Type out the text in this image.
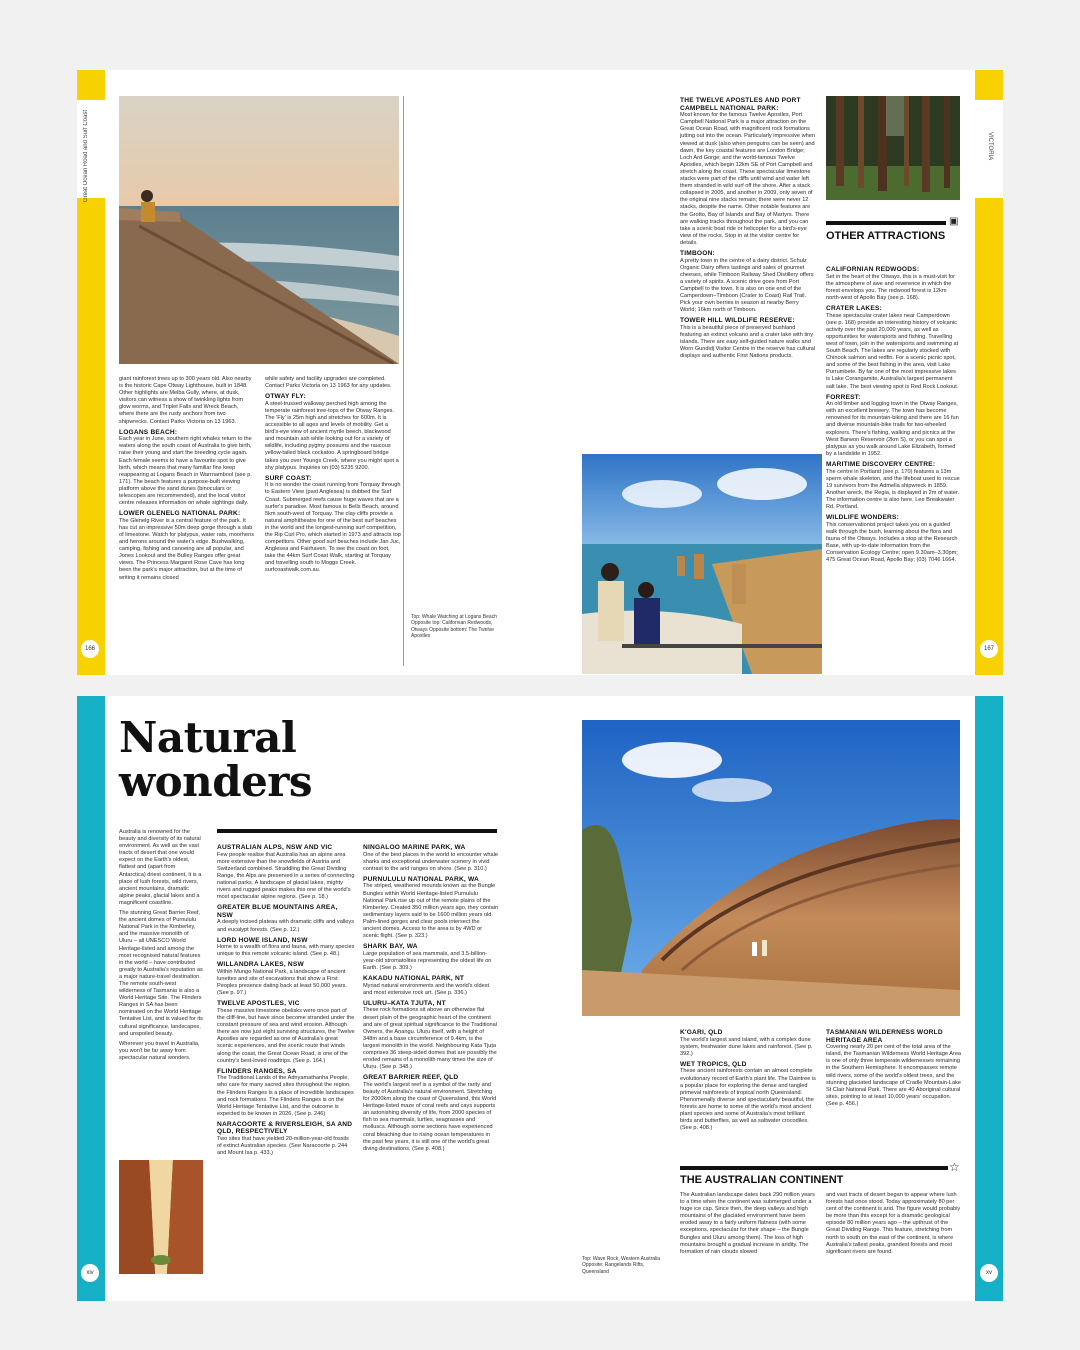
Great Ocean Road and Surf Coast	VICTORIA
166	167

giant rainforest trees up to 300 years old. Also nearby is the historic Cape Otway Lighthouse, built in 1848. Other highlights are Melba Gully, where, at dusk, visitors can witness a show of twinkling lights from glow worms, and Triplet Falls and Wreck Beach, where there are the rusty anchors from two shipwrecks. Contact Parks Victoria on 13 1963.

LOGANS BEACH:

Each year in June, southern right whales return to the waters along the south coast of Australia to give birth, raise their young and start the breeding cycle again. Each female seems to have a favourite spot to give birth, which means that many familiar fins keep reappearing at Logans Beach in Warrnambool (see p. 171). The beach features a purpose-built viewing platform above the sand dunes (binoculars or telescopes are recommended), and the local visitor centre releases information on whale sightings daily.

LOWER GLENELG NATIONAL PARK:

The Glenelg River is a central feature of the park. It has cut an impressive 50m deep gorge through a slab of limestone. Watch for platypus, water rats, moorhens and herons around the water's edge. Bushwalking, camping, fishing and canoeing are all popular, and Jones Lookout and the Bulley Ranges offer great views. The Princess Margaret Rose Cave has long been the park's major attraction, but at the time of writing it remains closed

while safety and facility upgrades are completed. Contact Parks Victoria on 13 1963 for any updates.

OTWAY FLY:

A steel-trussed walkway perched high among the temperate rainforest tree-tops of the Otway Ranges. The 'Fly' is 25m high and stretches for 600m. It is accessible to all ages and levels of mobility. Get a bird's-eye view of ancient myrtle beech, blackwood and mountain ash while looking out for a variety of wildlife, including pygmy possums and the raucous yellow-tailed black cockatoo. A springboard bridge takes you over Youngs Creek, where you might spot a shy platypus. Inquiries on (03) 5235 9200.

SURF COAST:

It is no wonder the coast running from Torquay through to Eastern View (past Anglesea) is dubbed the Surf Coast. Submerged reefs cause huge waves that are a surfer's paradise. Most famous is Bells Beach, around 5km south-west of Torquay. The clay cliffs provide a natural amphitheatre for one of the best surf beaches in the world and the longest-running surf competition, the Rip Curl Pro, which started in 1973 and attracts top competitors. Other good surf beaches include Jan Juc, Anglesea and Fairhaven. To see the coast on foot, take the 44km Surf Coast Walk, starting at Torquay and travelling south to Moggs Creek. surfcoastwalk.com.au.

Top: Whale Watching at Logans Beach Opposite top: Californian Redwoods, Otways Opposite bottom: The Twelve Apostles
THE TWELVE APOSTLES AND PORT CAMPBELL NATIONAL PARK:

Most known for the famous Twelve Apostles, Port Campbell National Park is a major attraction on the Great Ocean Road, with magnificent rock formations jutting out into the ocean. Particularly impressive when viewed at dusk (also when penguins can be seen) and dawn, the key coastal features are London Bridge; Loch Ard Gorge; and the world-famous Twelve Apostles, which begin 12km SE of Port Campbell and stretch along the coast. These spectacular limestone stacks were part of the cliffs until wind and water left them stranded in wild surf off the shore. After a stack collapsed in 2005, and another in 2009, only seven of the original nine stacks remain; there were never 12 stacks, despite the name. Other notable features are the Grotto, Bay of Islands and Bay of Martyrs. There are walking tracks throughout the park, and you can take a scenic boat ride or helicopter for a bird's-eye view of the rocks. Stop in at the visitor centre for details.

TIMBOON:

A pretty town in the centre of a dairy district. Schulz Organic Dairy offers tastings and sales of gourmet cheeses, while Timboon Railway Shed Distillery offers a variety of spirits. A scenic drive goes from Port Campbell to the town. It is also on one end of the Camperdown–Timboon (Crater to Coast) Rail Trail. Pick your own berries in season at nearby Berry World; 16km north of Timboon.

TOWER HILL WILDLIFE RESERVE:

This is a beautiful piece of preserved bushland featuring an extinct volcano and a crater lake with tiny islands. There are easy self-guided nature walks and Worn Gundidj Visitor Centre in the reserve has cultural displays and authentic First Nations products.

▣
OTHER ATTRACTIONS
CALIFORNIAN REDWOODS:

Set in the heart of the Otways, this is a must-visit for the atmosphere of awe and reverence in which the forest envelops you. The redwood forest is 12km north-west of Apollo Bay (see p. 168).

CRATER LAKES:

These spectacular crater lakes near Camperdown (see p. 168) provide an interesting history of volcanic activity over the past 20,000 years, as well as opportunities for watersports and fishing. Travelling west of town, join in the watersports and swimming at South Beach. The lakes are regularly stocked with Chinook salmon and redfin. For a scenic picnic spot, and some of the best fishing in the area, visit Lake Purrumbete. By far one of the most impressive lakes is Lake Corangamite, Australia's largest permanent salt lake. The best viewing spot is Red Rock Lookout.

FORREST:

An old timber and logging town in the Otway Ranges, with an excellent brewery. The town has become renowned for its mountain-biking and there are 16 fun and diverse mountain-bike trails for two-wheeled explorers. There's fishing, walking and picnics at the West Barwon Reservoir (2km S), or you can spot a platypus as you walk around Lake Elizabeth, formed by a landslide in 1952.

MARITIME DISCOVERY CENTRE:

The centre in Portland (see p. 170) features a 13m sperm whale skeleton, and the lifeboat used to rescue 19 survivors from the Admella shipwreck in 1859. Another wreck, the Regia, is displayed in 2m of water. The information centre is also here. Lee Breakwater Rd, Portland.

WILDLIFE WONDERS:

This conservationist project takes you on a guided walk through the bush, learning about the flora and fauna of the Otways. Includes a stop at the Research Base, with up-to-date information from the Conservation Ecology Centre; open 9.30am–3.30pm; 475 Great Ocean Road, Apollo Bay; (03) 7046 1664.

xiv	xv
Natural
wonders

Australia is renowned for the beauty and diversity of its natural environment. As well as the vast tracts of desert that one would expect on the Earth's oldest, flattest and (apart from Antarctica) driest continent, it is a place of lush forests, wild rivers, ancient mountains, dramatic alpine peaks, glacial lakes and a magnificent coastline.

The stunning Great Barrier Reef, the ancient domes of Purnululu National Park in the Kimberley, and the massive monolith of Uluru – all UNESCO World Heritage-listed and among the most recognised natural features in the world – have contributed greatly to Australia's reputation as a major nature-travel destination. The remote south-west wilderness of Tasmania is also a World Heritage Site. The Flinders Ranges in SA has been nominated on the World Heritage Tentative List, and is valued for its cultural significance, landscapes, and unspoiled beauty.

Wherever you travel in Australia, you won't be far away from spectacular natural wonders.

AUSTRALIAN ALPS, NSW AND VIC

Few people realise that Australia has an alpine area more extensive than the snowfields of Austria and Switzerland combined. Straddling the Great Dividing Range, the Alps are preserved in a series of connecting national parks. A landscape of glacial lakes, mighty rivers and rugged peaks makes this one of the world's most spectacular alpine regions. (See p. 18.)

GREATER BLUE MOUNTAINS AREA, NSW

A deeply incised plateau with dramatic cliffs and valleys and eucalypt forests. (See p. 12.)

LORD HOWE ISLAND, NSW

Home to a wealth of flora and fauna, with many species unique to this remote volcanic island. (See p. 48.)

WILLANDRA LAKES, NSW

Within Mungo National Park, a landscape of ancient lunettes and site of excavations that show a First Peoples presence dating back at least 50,000 years. (See p. 97.)

TWELVE APOSTLES, VIC

These massive limestone obelisks were once part of the cliff-line, but have since become stranded under the constant pressure of sea and wind erosion. Although there are now just eight surviving structures, the Twelve Apostles are regarded as one of Australia's great scenic experiences, and the scenic route that winds along the coast, the Great Ocean Road, is one of the country's best-loved roadtrips. (See p. 164.)

FLINDERS RANGES, SA

The Traditional Lands of the Adnyamathanha People, who care for many sacred sites throughout the region, the Flinders Ranges is a place of incredible landscapes and rock formations. The Flinders Ranges is on the World Heritage Tentative List, and the outcome is expected to be known in 2026. (See p. 246)

NARACOORTE & RIVERSLEIGH, SA AND QLD, RESPECTIVELY

Two sites that have yielded 20-million-year-old fossils of extinct Australian species. (See Naracoorte p. 244 and Mount Isa p. 433.)

NINGALOO MARINE PARK, WA

One of the best places in the world to encounter whale sharks and exceptional underwater scenery in vivid contrast to the arid ranges on shore. (See p. 310.)

PURNULULU NATIONAL PARK, WA

The striped, weathered mounds known as the Bungle Bungles within World Heritage-listed Purnululu National Park rise up out of the remote plains of the Kimberley. Created 350 million years ago, they contain sedimentary layers said to be 1600 million years old. Palm-lined gorges and clear pools intersect the ancient domes. Access to the area is by 4WD or scenic flight. (See p. 323.)

SHARK BAY, WA

Large population of sea mammals, and 3.5-billion-year-old stromatolites representing the oldest life on Earth. (See p. 309.)

KAKADU NATIONAL PARK, NT

Myriad natural environments and the world's oldest and most extensive rock art. (See p. 336.)

ULURU–KATA TJUTA, NT

These rock formations sit above an otherwise flat desert plain of the geographic heart of the continent and are of great spiritual significance to the Traditional Owners, the Aṉangu. Uluṟu itself, with a height of 348m and a base circumference of 9.4km, is the largest monolith in the world. Neighbouring Kata Tjuṯa comprises 36 steep-sided domes that are possibly the eroded remains of a monolith many times the size of Uluṟu. (See p. 348.)

GREAT BARRIER REEF, QLD

The world's largest reef is a symbol of the rarity and beauty of Australia's natural environment. Stretching for 2000km along the coast of Queensland, this World Heritage-listed maze of coral reefs and cays supports an astonishing diversity of life, from 2000 species of fish to sea mammals, turtles, seagrasses and molluscs. Although some sections have experienced coral bleaching due to rising ocean temperatures in the past few years, it is still one of the world's great diving destinations. (See p. 408.)

Top: Wave Rock, Western Australia Opposite: Rangelands Rifts, Queensland
K'GARI, QLD

The world's largest sand island, with a complex dune system, freshwater dune lakes and rainforest. (See p. 392.)

WET TROPICS, QLD

These ancient rainforests contain an almost complete evolutionary record of Earth's plant life. The Daintree is a popular place for exploring the dense and tangled primeval rainforests of tropical north Queensland. Phenomenally diverse and spectacularly beautiful, the forests are home to some of the world's most ancient plant species and some of Australia's most brilliant birds and butterflies, as well as saltwater crocodiles. (See p. 408.)

TASMANIAN WILDERNESS WORLD HERITAGE AREA

Covering nearly 20 per cent of the total area of the island, the Tasmanian Wilderness World Heritage Area is one of only three temperate wildernesses remaining in the Southern Hemisphere. It encompasses remote wild rivers, some of the world's oldest trees, and the stunning glaciated landscape of Cradle Mountain-Lake St Clair National Park. There are 40 Aboriginal cultural sites, pointing to at least 10,000 years' occupation. (See p. 456.)

☆
THE AUSTRALIAN CONTINENT

The Australian landscape dates back 290 million years to a time when the continent was submerged under a huge ice cap. Since then, the deep valleys and high mountains of the glaciated environment have been eroded away to a fairly uniform flatness (with some exceptions, spectacular for their shape – the Bungle Bungles and Uluru among them). The loss of high mountains brought a gradual increase in aridity. The formation of rain clouds slowed

and vast tracts of desert began to appear where lush forests had once stood. Today approximately 80 per cent of the continent is arid. The figure would probably be more than this except for a dramatic geological episode 80 million years ago – the upthrust of the Great Dividing Range. This feature, stretching from north to south on the east of the continent, is where Australia's tallest peaks, grandest forests and most significant rivers are found.
